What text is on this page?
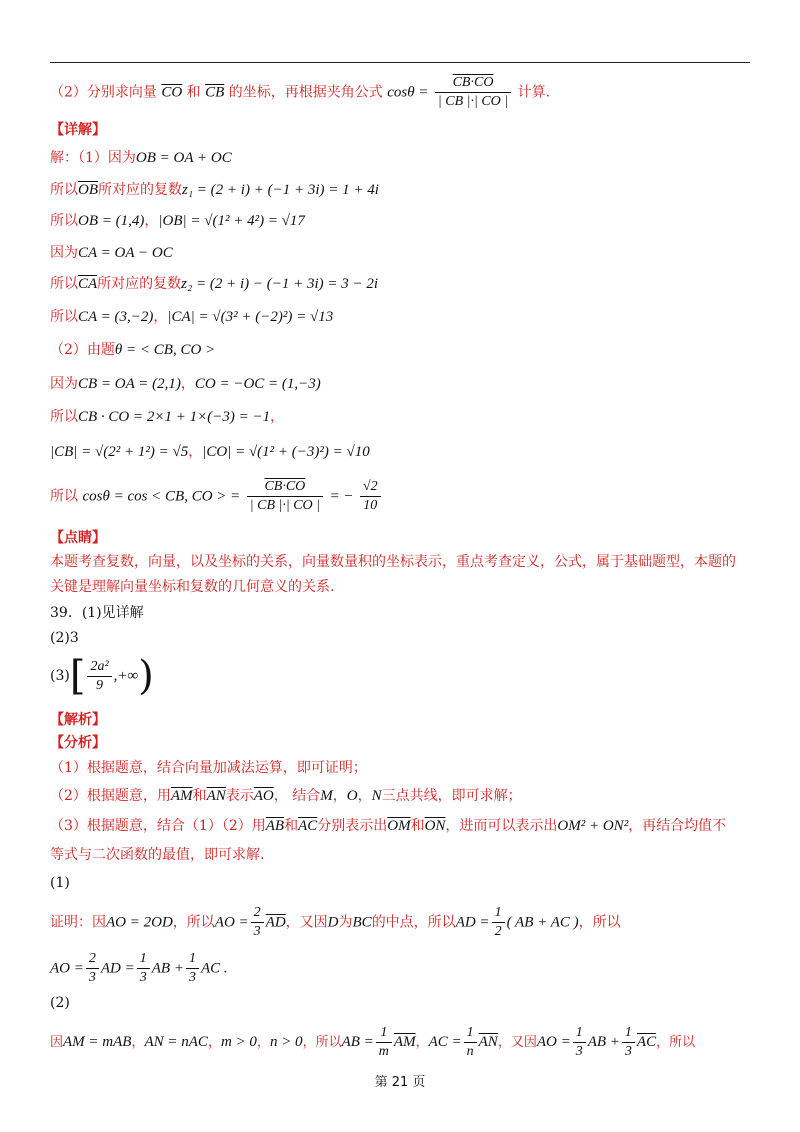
（2）分别求向量 $\overline{CO}$ 和 $\overline{CB}$ 的坐标，再根据夹角公式 $\cos\theta = \frac{CB\cdot CO}{| CB |\cdot| CO |}$ 计算.
【详解】
解：（1）因为OB = OA + OC
所以$\overline{OB}$所对应的复数z₁ = (2 + i) + (−1 + 3i) = 1 + 4i
所以OB = (1,4)，|OB| = √(1² + 4²) = √17
因为CA = OA − OC
所以$\overline{CA}$所对应的复数z₂ = (2 + i) − (−1 + 3i) = 3 − 2i
所以CA = (3,−2)，|CA| = √(3² + (−2)²) = √13
（2）由题θ = < CB, CO >
因为CB = OA = (2,1)，CO = −OC = (1,−3)
所以CB · CO = 2×1 + 1×(−3) = −1，
|CB| = √(2² + 1²) = √5，|CO| = √(1² + (−3)²) = √10
所以 cosθ = cos < CB, CO > = $\frac{CB\cdot CO}{| CB |\cdot| CO |}$ = − $\frac{√2}{10}$
【点睛】
本题考查复数，向量，以及坐标的关系，向量数量积的坐标表示，重点考查定义，公式，属于基础题型，本题的
关键是理解向量坐标和复数的几何意义的关系.
39．(1)见详解
(2)3
$(3)[ \frac{\text{2a²}}{9}$ ,+∞)
【解析】
【分析】
（1）根据题意，结合向量加减法运算，即可证明；
（2）根据题意，用$\overline{AM}$和$\overline{AN}$表示$\overline{AO}$， 结合M，O，N三点共线，即可求解；
（3）根据题意，结合（1）（2）用$\overline{AB}$和$\overline{AC}$分别表示出$\overline{OM}$和$\overline{ON}$，进而可以表示出OM² + ON²，再结合均值不
等式与二次函数的最值，即可求解.
(1)
证明：因AO = 2OD，所以AO = $\frac{2}{3} \overline{AD}$，又因D为BC的中点，所以AD = $\frac{1}{2}$ ( AB + AC )，所以
AO = $\frac{2}{3}$ AD = $\frac{1}{3}$ AB + $\frac{1}{3}$ AC .
(2)
因AM = mAB，AN = nAC，m > 0，n > 0，所以AB = $\frac{1}{m} \overline{AM}$，AC = $\frac{1}{n} \overline{AN}$，又因AO = $\frac{1}{3}$ AB + $\frac{1}{3} \overline{AC}$，所以
第 21 页
